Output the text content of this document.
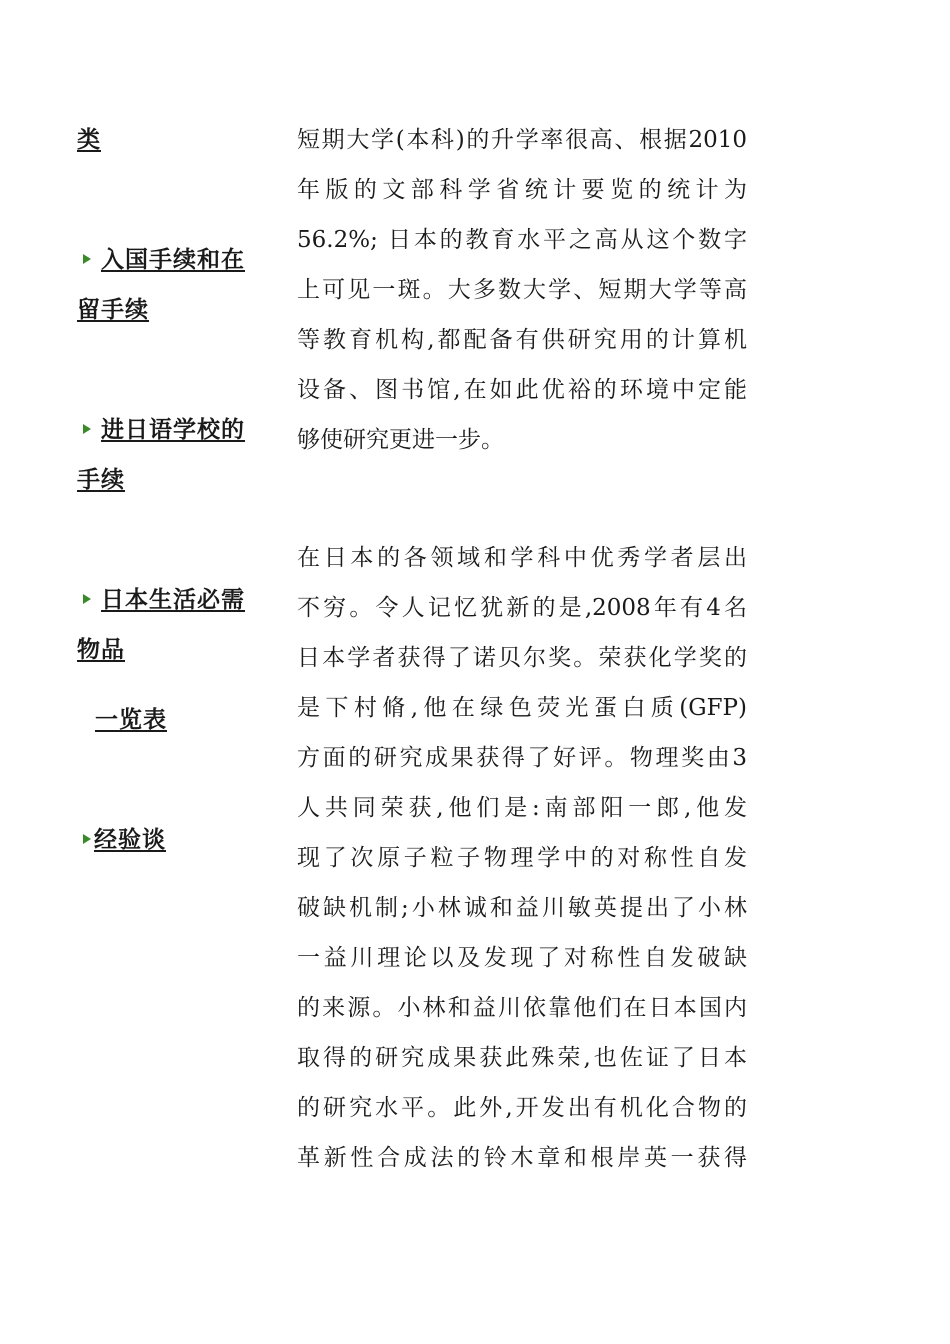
类
入国手续和在
留手续
进日语学校的
手续
日本生活必需
物品
一览表
经验谈
短期大学(本科)的升学率很高、根据2010
年版的文部科学省统计要览的统计为
56.2%; 日本的教育水平之高从这个数字
上可见一斑。大多数大学、短期大学等高
等教育机构,都配备有供研究用的计算机
设备、图书馆,在如此优裕的环境中定能
够使研究更进一步。
在日本的各领域和学科中优秀学者层出
不穷。令人记忆犹新的是,2008年有4名
日本学者获得了诺贝尔奖。荣获化学奖的
是下村脩,他在绿色荧光蛋白质(GFP)
方面的研究成果获得了好评。物理奖由3
人共同荣获,他们是:南部阳一郎,他发
现了次原子粒子物理学中的对称性自发
破缺机制;小林诚和益川敏英提出了小林
一益川理论以及发现了对称性自发破缺
的来源。小林和益川依靠他们在日本国内
取得的研究成果获此殊荣,也佐证了日本
的研究水平。此外,开发出有机化合物的
革新性合成法的铃木章和根岸英一获得
